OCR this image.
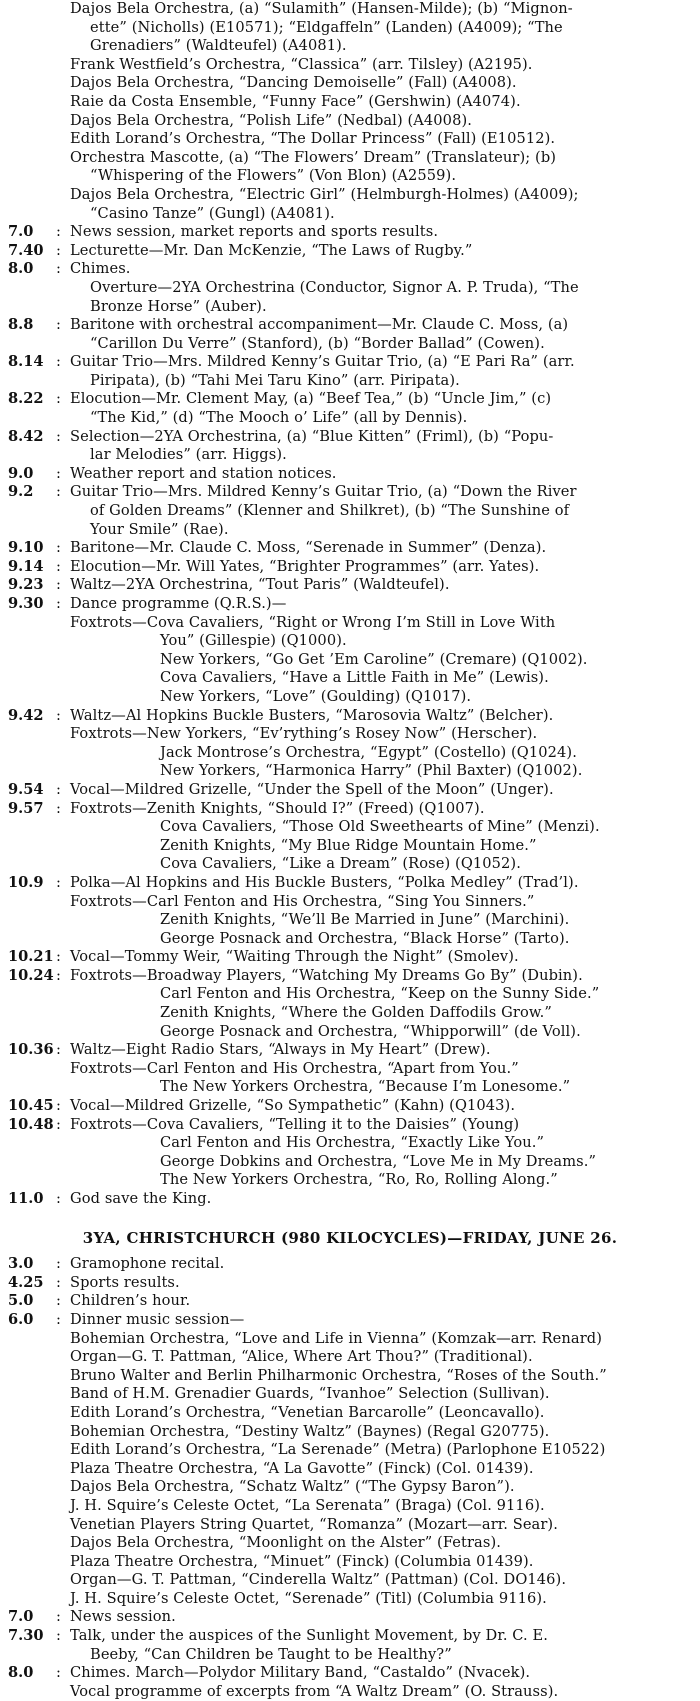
Dajos Bela Orchestra, (a) “Sulamith” (Hansen-Milde); (b) “Mignon-
ette” (Nicholls) (E10571); “Eldgaffeln” (Landen) (A4009); “The
Grenadiers” (Waldteufel) (A4081).
Frank Westfield’s Orchestra, “Classica” (arr. Tilsley) (A2195).
Dajos Bela Orchestra, “Dancing Demoiselle” (Fall) (A4008).
Raie da Costa Ensemble, “Funny Face” (Gershwin) (A4074).
Dajos Bela Orchestra, “Polish Life” (Nedbal) (A4008).
Edith Lorand’s Orchestra, “The Dollar Princess” (Fall) (E10512).
Orchestra Mascotte, (a) “The Flowers’ Dream” (Translateur); (b)
“Whispering of the Flowers” (Von Blon) (A2559).
Dajos Bela Orchestra, “Electric Girl” (Helmburgh-Holmes) (A4009);
“Casino Tanze” (Gungl) (A4081).
7.0	: News session, market reports and sports results.
7.40 : Lecturette—Mr. Dan McKenzie, “The Laws of Rugby.”
8.0	: Chimes.
Overture—2YA Orchestrina (Conductor, Signor A. P. Truda), “The
Bronze Horse” (Auber).
8.8	: Baritone with orchestral accompaniment—Mr. Claude C. Moss, (a)
“Carillon Du Verre” (Stanford), (b) “Border Ballad” (Cowen).
8.14 : Guitar Trio—Mrs. Mildred Kenny’s Guitar Trio, (a) “E Pari Ra” (arr.
Piripata), (b) “Tahi Mei Taru Kino” (arr. Piripata).
8.22 : Elocution—Mr. Clement May, (a) “Beef Tea,” (b) “Uncle Jim,” (c)
“The Kid,” (d) “The Mooch o’ Life” (all by Dennis).
8.42 : Selection—2YA Orchestrina, (a) “Blue Kitten” (Friml), (b) “Popu-
lar Melodies” (arr. Higgs).
9.0	: Weather report and station notices.
9.2	: Guitar Trio—Mrs. Mildred Kenny’s Guitar Trio, (a) “Down the River
of Golden Dreams” (Klenner and Shilkret), (b) “The Sunshine of
Your Smile” (Rae).
9.10 : Baritone—Mr. Claude C. Moss, “Serenade in Summer” (Denza).
9.14 : Elocution—Mr. Will Yates, “Brighter Programmes” (arr. Yates).
9.23 : Waltz—2YA Orchestrina, “Tout Paris” (Waldteufel).
9.30 : Dance programme (Q.R.S.)—
Foxtrots—Cova Cavaliers, “Right or Wrong I’m Still in Love With
You” (Gillespie) (Q1000).
New Yorkers, “Go Get ’Em Caroline” (Cremare) (Q1002).
Cova Cavaliers, “Have a Little Faith in Me” (Lewis).
New Yorkers, “Love” (Goulding) (Q1017).
9.42 : Waltz—Al Hopkins Buckle Busters, “Marosovia Waltz” (Belcher).
Foxtrots—New Yorkers, “Ev’rything’s Rosey Now” (Herscher).
Jack Montrose’s Orchestra, “Egypt” (Costello) (Q1024).
New Yorkers, “Harmonica Harry” (Phil Baxter) (Q1002).
9.54 : Vocal—Mildred Grizelle, “Under the Spell of the Moon” (Unger).
9.57 : Foxtrots—Zenith Knights, “Should I?” (Freed) (Q1007).
Cova Cavaliers, “Those Old Sweethearts of Mine” (Menzi).
Zenith Knights, “My Blue Ridge Mountain Home.”
Cova Cavaliers, “Like a Dream” (Rose) (Q1052).
10.9 : Polka—Al Hopkins and His Buckle Busters, “Polka Medley” (Trad’l).
Foxtrots—Carl Fenton and His Orchestra, “Sing You Sinners.”
Zenith Knights, “We’ll Be Married in June” (Marchini).
George Posnack and Orchestra, “Black Horse” (Tarto).
10.21 : Vocal—Tommy Weir, “Waiting Through the Night” (Smolev).
10.24 : Foxtrots—Broadway Players, “Watching My Dreams Go By” (Dubin).
Carl Fenton and His Orchestra, “Keep on the Sunny Side.”
Zenith Knights, “Where the Golden Daffodils Grow.”
George Posnack and Orchestra, “Whipporwill” (de Voll).
10.36 : Waltz—Eight Radio Stars, “Always in My Heart” (Drew).
Foxtrots—Carl Fenton and His Orchestra, “Apart from You.”
The New Yorkers Orchestra, “Because I’m Lonesome.”
10.45 : Vocal—Mildred Grizelle, “So Sympathetic” (Kahn) (Q1043).
10.48 : Foxtrots—Cova Cavaliers, “Telling it to the Daisies” (Young)
Carl Fenton and His Orchestra, “Exactly Like You.”
George Dobkins and Orchestra, “Love Me in My Dreams.”
The New Yorkers Orchestra, “Ro, Ro, Rolling Along.”
11.0 : God save the King.
3YA, CHRISTCHURCH (980 KILOCYCLES)—FRIDAY, JUNE 26.
3.0	: Gramophone recital.
4.25 : Sports results.
5.0	: Children’s hour.
6.0	: Dinner music session—
Bohemian Orchestra, “Love and Life in Vienna” (Komzak—arr. Renard)
Organ—G. T. Pattman, “Alice, Where Art Thou?” (Traditional).
Bruno Walter and Berlin Philharmonic Orchestra, “Roses of the South.”
Band of H.M. Grenadier Guards, “Ivanhoe” Selection (Sullivan).
Edith Lorand’s Orchestra, “Venetian Barcarolle” (Leoncavallo).
Bohemian Orchestra, “Destiny Waltz” (Baynes) (Regal G20775).
Edith Lorand’s Orchestra, “La Serenade” (Metra) (Parlophone E10522)
Plaza Theatre Orchestra, “A La Gavotte” (Finck) (Col. 01439).
Dajos Bela Orchestra, “Schatz Waltz” (“The Gypsy Baron”).
J. H. Squire’s Celeste Octet, “La Serenata” (Braga) (Col. 9116).
Venetian Players String Quartet, “Romanza” (Mozart—arr. Sear).
Dajos Bela Orchestra, “Moonlight on the Alster” (Fetras).
Plaza Theatre Orchestra, “Minuet” (Finck) (Columbia 01439).
Organ—G. T. Pattman, “Cinderella Waltz” (Pattman) (Col. DO146).
J. H. Squire’s Celeste Octet, “Serenade” (Titl) (Columbia 9116).
7.0	: News session.
7.30 : Talk, under the auspices of the Sunlight Movement, by Dr. C. E.
Beeby, “Can Children be Taught to be Healthy?”
8.0	: Chimes. March—Polydor Military Band, “Castaldo” (Nvacek).
Vocal programme of excerpts from “A Waltz Dream” (O. Strauss).
